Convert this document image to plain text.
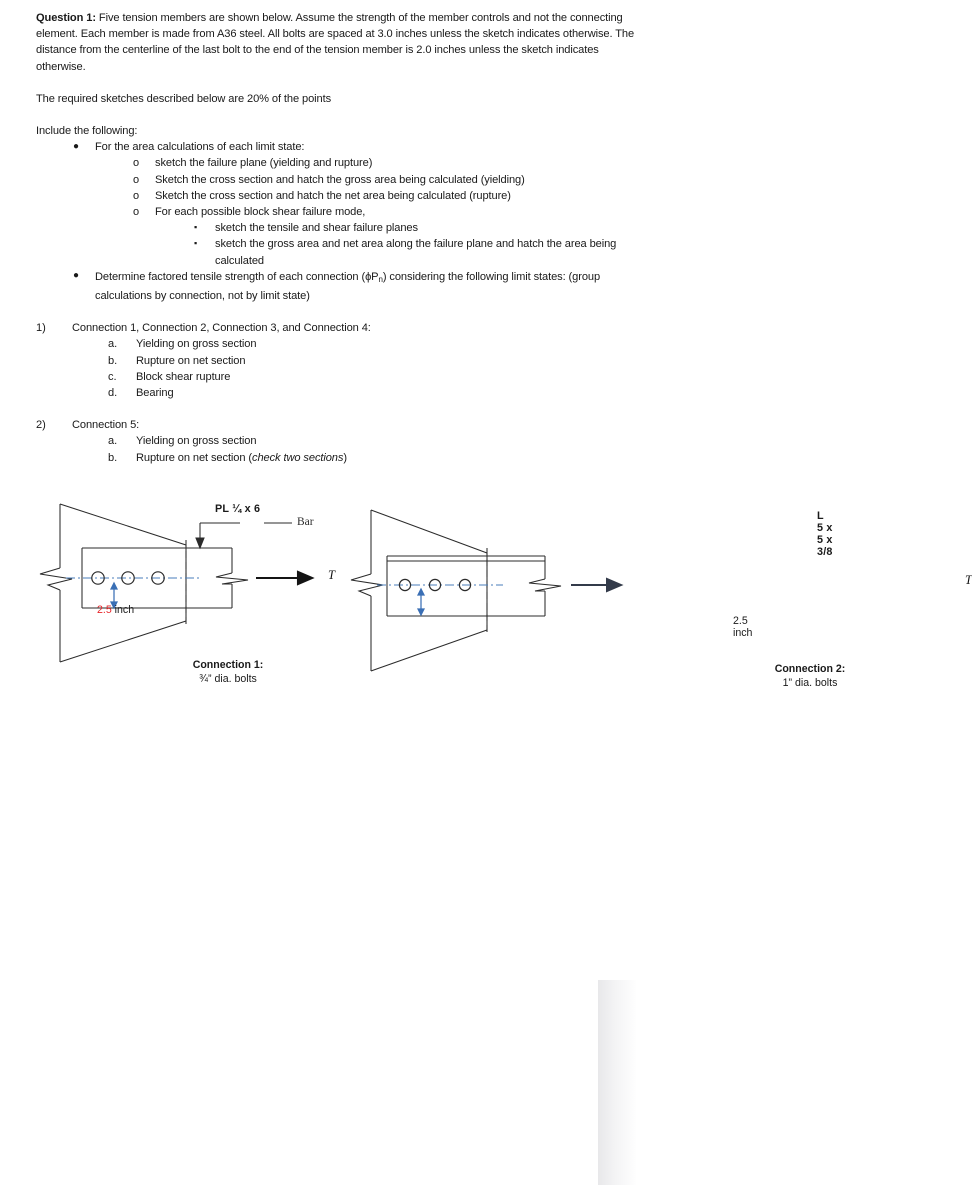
Question 1: Five tension members are shown below. Assume the strength of the member controls and not the connecting element. Each member is made from A36 steel. All bolts are spaced at 3.0 inches unless the sketch indicates otherwise. The distance from the centerline of the last bolt to the end of the tension member is 2.0 inches unless the sketch indicates otherwise.

The required sketches described below are 20% of the points

Include the following:

● For the area calculations of each limit state:
o sketch the failure plane (yielding and rupture)
o Sketch the cross section and hatch the gross area being calculated (yielding)
o Sketch the cross section and hatch the net area being calculated (rupture)
o For each possible block shear failure mode,
▪ sketch the tensile and shear failure planes
▪ sketch the gross area and net area along the failure plane and hatch the area being calculated
● Determine factored tensile strength of each connection $(\phi P_n)$ considering the following limit states: (group calculations by connection, not by limit state)
1) Connection 1, Connection 2, Connection 3, and Connection 4:
a. Yielding on gross section
b. Rupture on net section
c. Block shear rupture
d. Bearing
2) Connection 5:
a. Yielding on gross section
b. Rupture on net section (check two sections)
PL ¼ x 6
Bar
2.5 inch
T
Connection 1:
¾” dia. bolts
L 5 x 5 x 3/8
2.5 inch
T
Connection 2:
1” dia. bolts
